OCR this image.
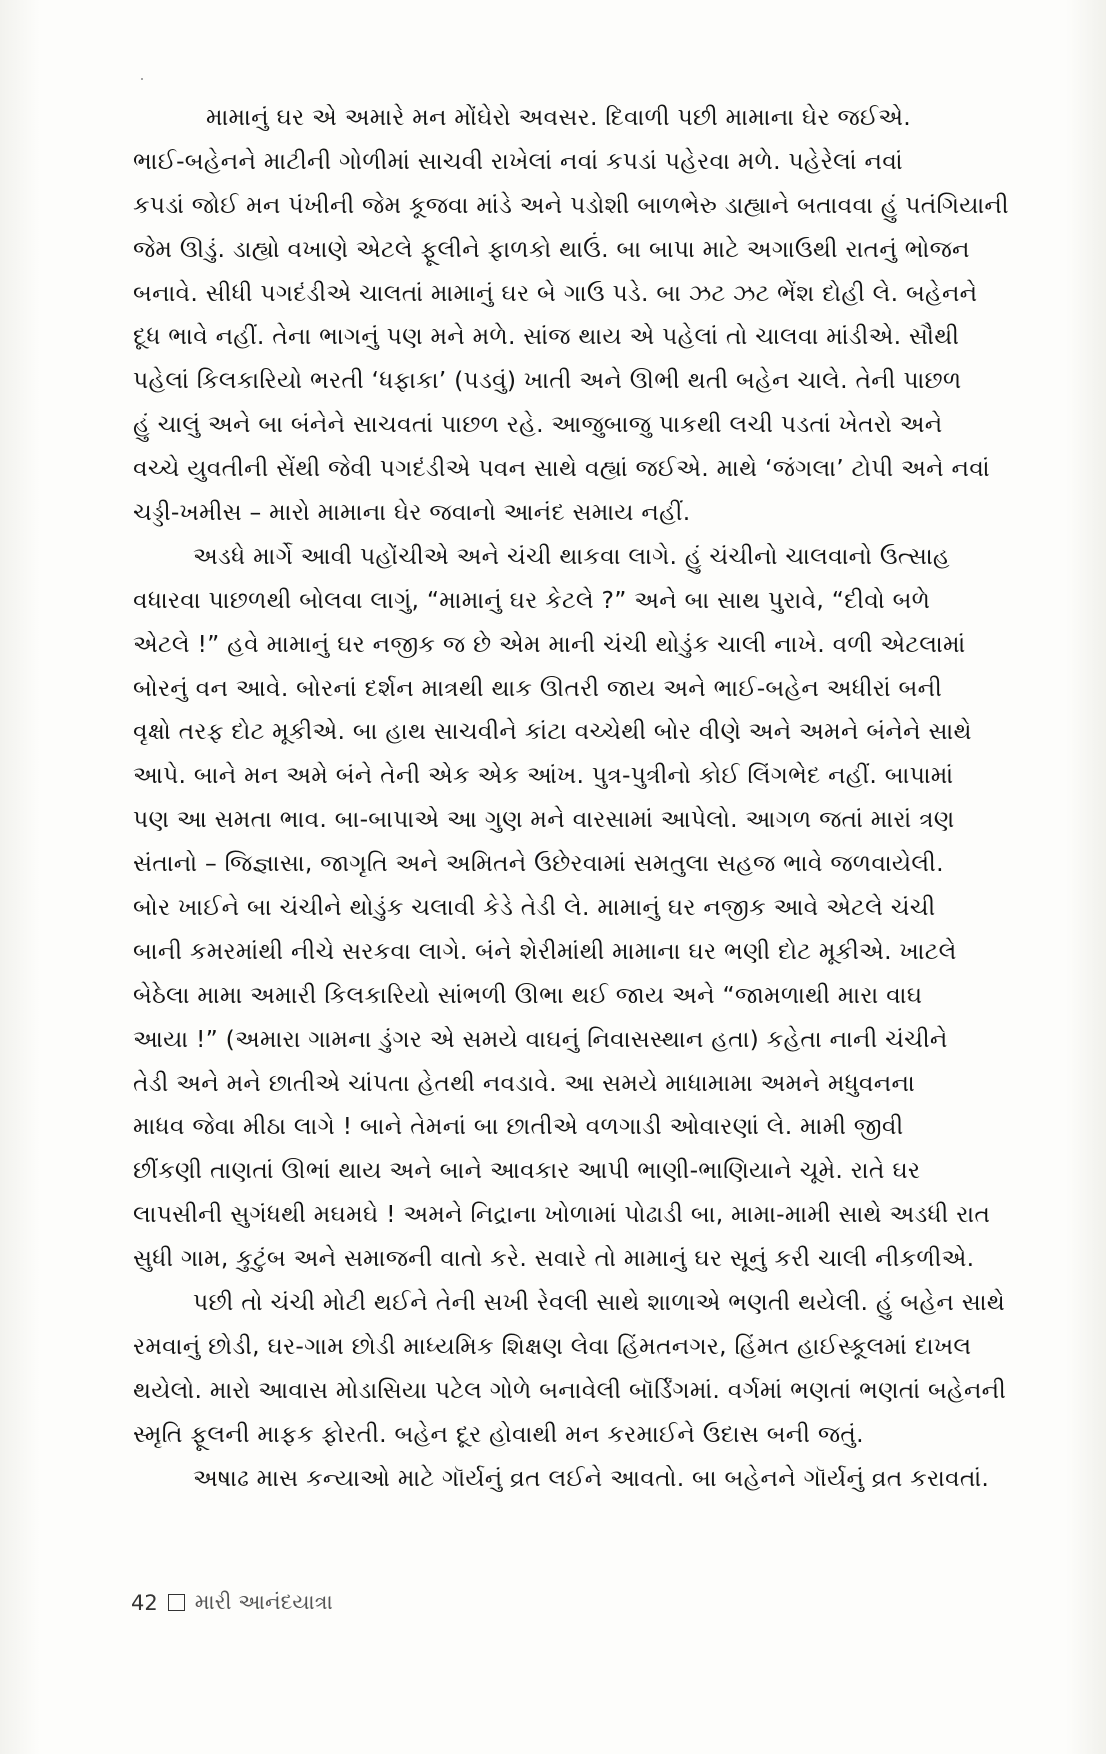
મામાનું ઘર એ અમારે મન મોંઘેરો અવસર. દિવાળી પછી મામાના ઘેર જઈએ.
ભાઈ-બહેનને માટીની ગોળીમાં સાચવી રાખેલાં નવાં કપડાં પહેરવા મળે. પહેરેલાં નવાં
કપડાં જોઈ મન પંખીની જેમ કૂજવા માંડે અને પડોશી બાળભેરુ ડાહ્યાને બતાવવા હું પતંગિયાની
જેમ ઊડું. ડાહ્યો વખાણે એટલે ફૂલીને ફાળકો થાઉં. બા બાપા માટે અગાઉથી રાતનું ભોજન
બનાવે. સીધી પગદંડીએ ચાલતાં મામાનું ઘર બે ગાઉ પડે. બા ઝટ ઝટ ભેંશ દોહી લે. બહેનને
દૂધ ભાવે નહીં. તેના ભાગનું પણ મને મળે. સાંજ થાય એ પહેલાં તો ચાલવા માંડીએ. સૌથી
પહેલાં કિલકારિયો ભરતી ‘ધફાકા’ (પડવું) ખાતી અને ઊભી થતી બહેન ચાલે. તેની પાછળ
હું ચાલું અને બા બંનેને સાચવતાં પાછળ રહે. આજુબાજુ પાકથી લચી પડતાં ખેતરો અને
વચ્ચે યુવતીની સેંથી જેવી પગદંડીએ પવન સાથે વહ્યાં જઈએ. માથે ‘જંગલા’ ટોપી અને નવાં
ચડ્ડી-ખમીસ – મારો મામાના ઘેર જવાનો આનંદ સમાય નહીં.
અડધે માર્ગે આવી પહોંચીએ અને ચંચી થાકવા લાગે. હું ચંચીનો ચાલવાનો ઉત્સાહ
વધારવા પાછળથી બોલવા લાગું, “મામાનું ઘર કેટલે ?” અને બા સાથ પુરાવે, “દીવો બળે
એટલે !” હવે મામાનું ઘર નજીક જ છે એમ માની ચંચી થોડુંક ચાલી નાખે. વળી એટલામાં
બોરનું વન આવે. બોરનાં દર્શન માત્રથી થાક ઊતરી જાય અને ભાઈ-બહેન અધીરાં બની
વૃક્ષો તરફ દોટ મૂકીએ. બા હાથ સાચવીને કાંટા વચ્ચેથી બોર વીણે અને અમને બંનેને સાથે
આપે. બાને મન અમે બંને તેની એક એક આંખ. પુત્ર-પુત્રીનો કોઈ લિંગભેદ નહીં. બાપામાં
પણ આ સમતા ભાવ. બા-બાપાએ આ ગુણ મને વારસામાં આપેલો. આગળ જતાં મારાં ત્રણ
સંતાનો – જિજ્ઞાસા, જાગૃતિ અને અમિતને ઉછેરવામાં સમતુલા સહજ ભાવે જળવાયેલી.
બોર ખાઈને બા ચંચીને થોડુંક ચલાવી કેડે તેડી લે. મામાનું ઘર નજીક આવે એટલે ચંચી
બાની કમરમાંથી નીચે સરકવા લાગે. બંને શેરીમાંથી મામાના ઘર ભણી દોટ મૂકીએ. ખાટલે
બેઠેલા મામા અમારી કિલકારિયો સાંભળી ઊભા થઈ જાય અને “જામળાથી મારા વાઘ
આયા !” (અમારા ગામના ડુંગર એ સમયે વાઘનું નિવાસસ્થાન હતા) કહેતા નાની ચંચીને
તેડી અને મને છાતીએ ચાંપતા હેતથી નવડાવે. આ સમયે માધામામા અમને મધુવનના
માધવ જેવા મીઠા લાગે ! બાને તેમનાં બા છાતીએ વળગાડી ઓવારણાં લે. મામી જીવી
છીંકણી તાણતાં ઊભાં થાય અને બાને આવકાર આપી ભાણી-ભાણિયાને ચૂમે. રાતે ઘર
લાપસીની સુગંધથી મઘમઘે ! અમને નિદ્રાના ખોળામાં પોઢાડી બા, મામા-મામી સાથે અડધી રાત
સુધી ગામ, કુટુંબ અને સમાજની વાતો કરે. સવારે તો મામાનું ઘર સૂનું કરી ચાલી નીકળીએ.
પછી તો ચંચી મોટી થઈને તેની સખી રેવલી સાથે શાળાએ ભણતી થયેલી. હું બહેન સાથે
રમવાનું છોડી, ઘર-ગામ છોડી માધ્યમિક શિક્ષણ લેવા હિંમતનગર, હિંમત હાઈસ્કૂલમાં દાખલ
થયેલો. મારો આવાસ મોડાસિયા પટેલ ગોળે બનાવેલી બૉર્ડિંગમાં. વર્ગમાં ભણતાં ભણતાં બહેનની
સ્મૃતિ ફૂલની માફક ફોરતી. બહેન દૂર હોવાથી મન કરમાઈને ઉદાસ બની જતું.
અષાઢ માસ કન્યાઓ માટે ગૉર્યનું વ્રત લઈને આવતો. બા બહેનને ગૉર્યનું વ્રત કરાવતાં.
42 મારી આનંદયાત્રા
